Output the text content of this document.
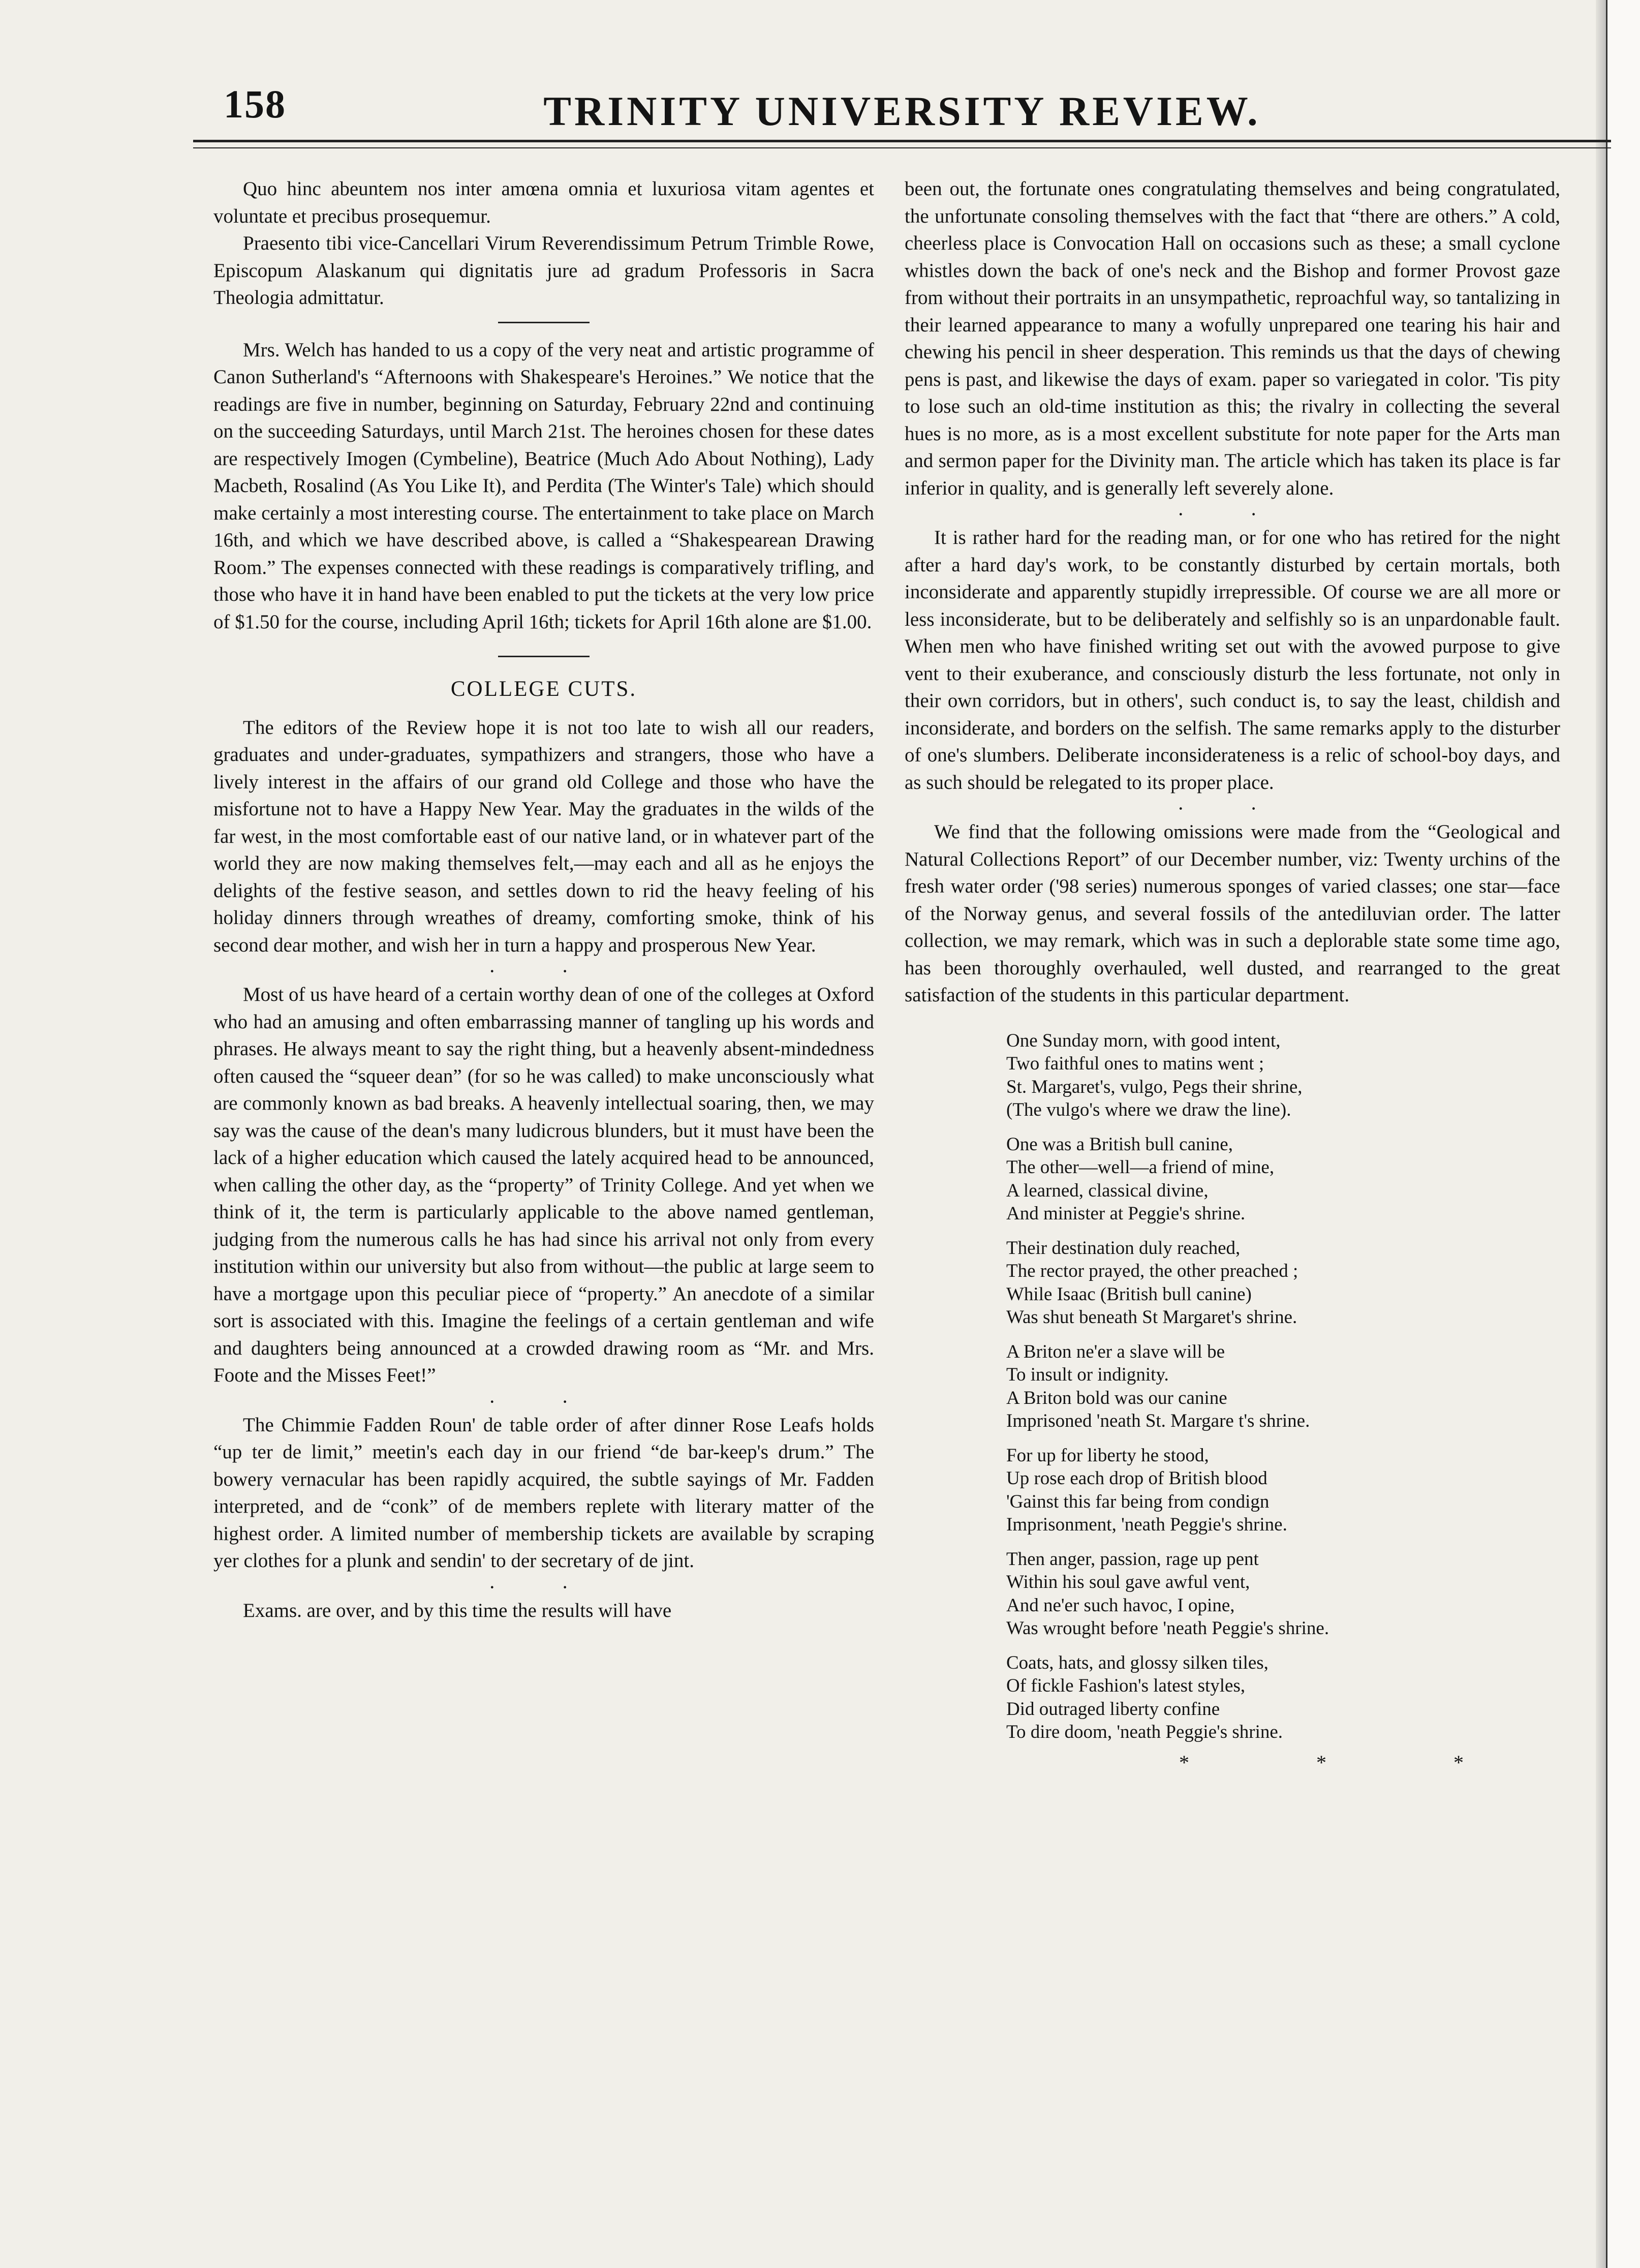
158	TRINITY UNIVERSITY REVIEW.

Quo hinc abeuntem nos inter amœna omnia et luxuriosa vitam agentes et voluntate et precibus prosequemur.

Praesento tibi vice-Cancellari Virum Reverendissimum Petrum Trimble Rowe, Episcopum Alaskanum qui dignitatis jure ad gradum Professoris in Sacra Theologia admittatur.

Mrs. Welch has handed to us a copy of the very neat and artistic programme of Canon Sutherland's “Afternoons with Shakespeare's Heroines.” We notice that the readings are five in number, beginning on Saturday, February 22nd and continuing on the succeeding Saturdays, until March 21st. The heroines chosen for these dates are respectively Imogen (Cymbeline), Beatrice (Much Ado About Nothing), Lady Macbeth, Rosalind (As You Like It), and Perdita (The Winter's Tale) which should make certainly a most interesting course. The entertainment to take place on March 16th, and which we have described above, is called a “Shakespearean Drawing Room.” The expenses connected with these readings is comparatively trifling, and those who have it in hand have been enabled to put the tickets at the very low price of $1.50 for the course, including April 16th; tickets for April 16th alone are $1.00.

COLLEGE CUTS.

The editors of the Review hope it is not too late to wish all our readers, graduates and under-graduates, sympathizers and strangers, those who have a lively interest in the affairs of our grand old College and those who have the misfortune not to have a Happy New Year. May the graduates in the wilds of the far west, in the most comfortable east of our native land, or in whatever part of the world they are now making themselves felt,—may each and all as he enjoys the delights of the festive season, and settles down to rid the heavy feeling of his holiday dinners through wreathes of dreamy, comforting smoke, think of his second dear mother, and wish her in turn a happy and prosperous New Year.

· ·

Most of us have heard of a certain worthy dean of one of the colleges at Oxford who had an amusing and often embarrassing manner of tangling up his words and phrases. He always meant to say the right thing, but a heavenly absent-mindedness often caused the “squeer dean” (for so he was called) to make unconsciously what are commonly known as bad breaks. A heavenly intellectual soaring, then, we may say was the cause of the dean's many ludicrous blunders, but it must have been the lack of a higher education which caused the lately acquired head to be announced, when calling the other day, as the “property” of Trinity College. And yet when we think of it, the term is particularly applicable to the above named gentleman, judging from the numerous calls he has had since his arrival not only from every institution within our university but also from without—the public at large seem to have a mortgage upon this peculiar piece of “property.” An anecdote of a similar sort is associated with this. Imagine the feelings of a certain gentleman and wife and daughters being announced at a crowded drawing room as “Mr. and Mrs. Foote and the Misses Feet!”

· ·

The Chimmie Fadden Roun' de table order of after dinner Rose Leafs holds “up ter de limit,” meetin's each day in our friend “de bar-keep's drum.” The bowery vernacular has been rapidly acquired, the subtle sayings of Mr. Fadden interpreted, and de “conk” of de members replete with literary matter of the highest order. A limited number of membership tickets are available by scraping yer clothes for a plunk and sendin' to der secretary of de jint.

· ·

Exams. are over, and by this time the results will have

been out, the fortunate ones congratulating themselves and being congratulated, the unfortunate consoling themselves with the fact that “there are others.” A cold, cheerless place is Convocation Hall on occasions such as these; a small cyclone whistles down the back of one's neck and the Bishop and former Provost gaze from without their portraits in an unsympathetic, reproachful way, so tantalizing in their learned appearance to many a wofully unprepared one tearing his hair and chewing his pencil in sheer desperation. This reminds us that the days of chewing pens is past, and likewise the days of exam. paper so variegated in color. 'Tis pity to lose such an old-time institution as this; the rivalry in collecting the several hues is no more, as is a most excellent substitute for note paper for the Arts man and sermon paper for the Divinity man. The article which has taken its place is far inferior in quality, and is generally left severely alone.

· ·

It is rather hard for the reading man, or for one who has retired for the night after a hard day's work, to be constantly disturbed by certain mortals, both inconsiderate and apparently stupidly irrepressible. Of course we are all more or less inconsiderate, but to be deliberately and selfishly so is an unpardonable fault. When men who have finished writing set out with the avowed purpose to give vent to their exuberance, and consciously disturb the less fortunate, not only in their own corridors, but in others', such conduct is, to say the least, childish and inconsiderate, and borders on the selfish. The same remarks apply to the disturber of one's slumbers. Deliberate inconsiderateness is a relic of school-boy days, and as such should be relegated to its proper place.

· ·

We find that the following omissions were made from the “Geological and Natural Collections Report” of our December number, viz: Twenty urchins of the fresh water order ('98 series) numerous sponges of varied classes; one star—face of the Norway genus, and several fossils of the antediluvian order. The latter collection, we may remark, which was in such a deplorable state some time ago, has been thoroughly overhauled, well dusted, and rearranged to the great satisfaction of the students in this particular department.

One Sunday morn, with good intent,
Two faithful ones to matins went ;
St. Margaret's, vulgo, Pegs their shrine,
(The vulgo's where we draw the line).
One was a British bull canine,
The other—well—a friend of mine,
A learned, classical divine,
And minister at Peggie's shrine.
Their destination duly reached,
The rector prayed, the other preached ;
While Isaac (British bull canine)
Was shut beneath St Margaret's shrine.
A Briton ne'er a slave will be
To insult or indignity.
A Briton bold was our canine
Imprisoned 'neath St. Margare t's shrine.
For up for liberty he stood,
Up rose each drop of British blood
'Gainst this far being from condign
Imprisonment, 'neath Peggie's shrine.
Then anger, passion, rage up pent
Within his soul gave awful vent,
And ne'er such havoc, I opine,
Was wrought before 'neath Peggie's shrine.
Coats, hats, and glossy silken tiles,
Of fickle Fashion's latest styles,
Did outraged liberty confine
To dire doom, 'neath Peggie's shrine.
* * *
